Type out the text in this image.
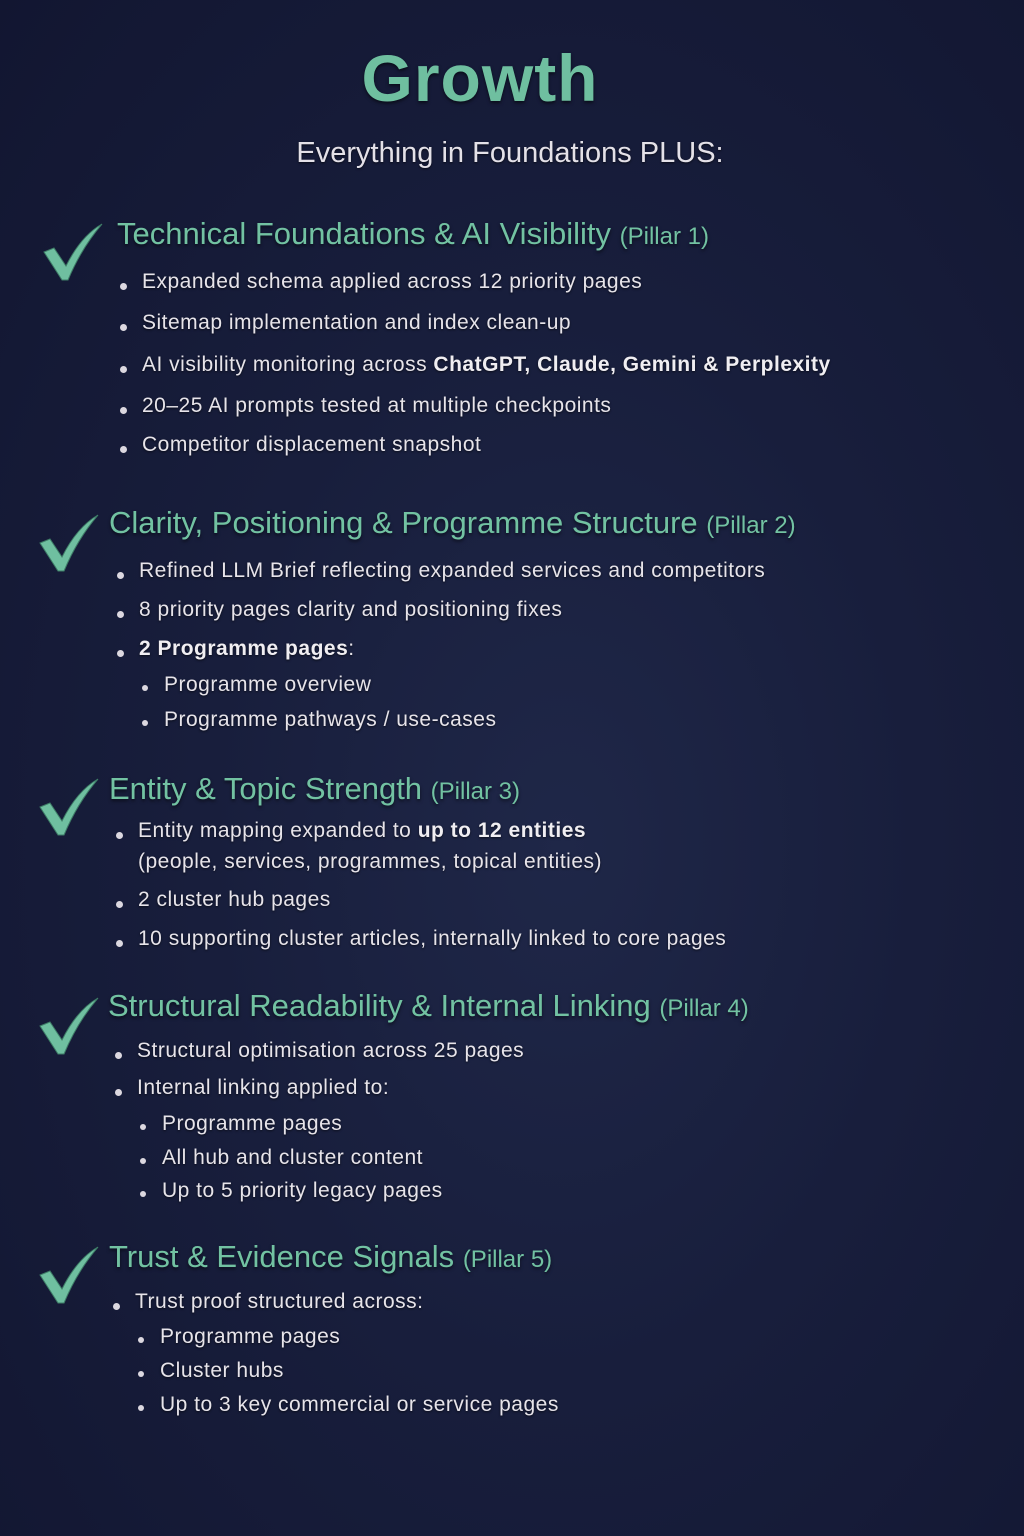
Growth
Everything in Foundations PLUS:
Technical Foundations & AI Visibility (Pillar 1)
Expanded schema applied across 12 priority pages
Sitemap implementation and index clean-up
AI visibility monitoring across ChatGPT, Claude, Gemini & Perplexity
20–25 AI prompts tested at multiple checkpoints
Competitor displacement snapshot
Clarity, Positioning & Programme Structure (Pillar 2)
Refined LLM Brief reflecting expanded services and competitors
8 priority pages clarity and positioning fixes
2 Programme pages:
Programme overview
Programme pathways / use-cases
Entity & Topic Strength (Pillar 3)
Entity mapping expanded to up to 12 entities
(people, services, programmes, topical entities)
2 cluster hub pages
10 supporting cluster articles, internally linked to core pages
Structural Readability & Internal Linking (Pillar 4)
Structural optimisation across 25 pages
Internal linking applied to:
Programme pages
All hub and cluster content
Up to 5 priority legacy pages
Trust & Evidence Signals (Pillar 5)
Trust proof structured across:
Programme pages
Cluster hubs
Up to 3 key commercial or service pages
